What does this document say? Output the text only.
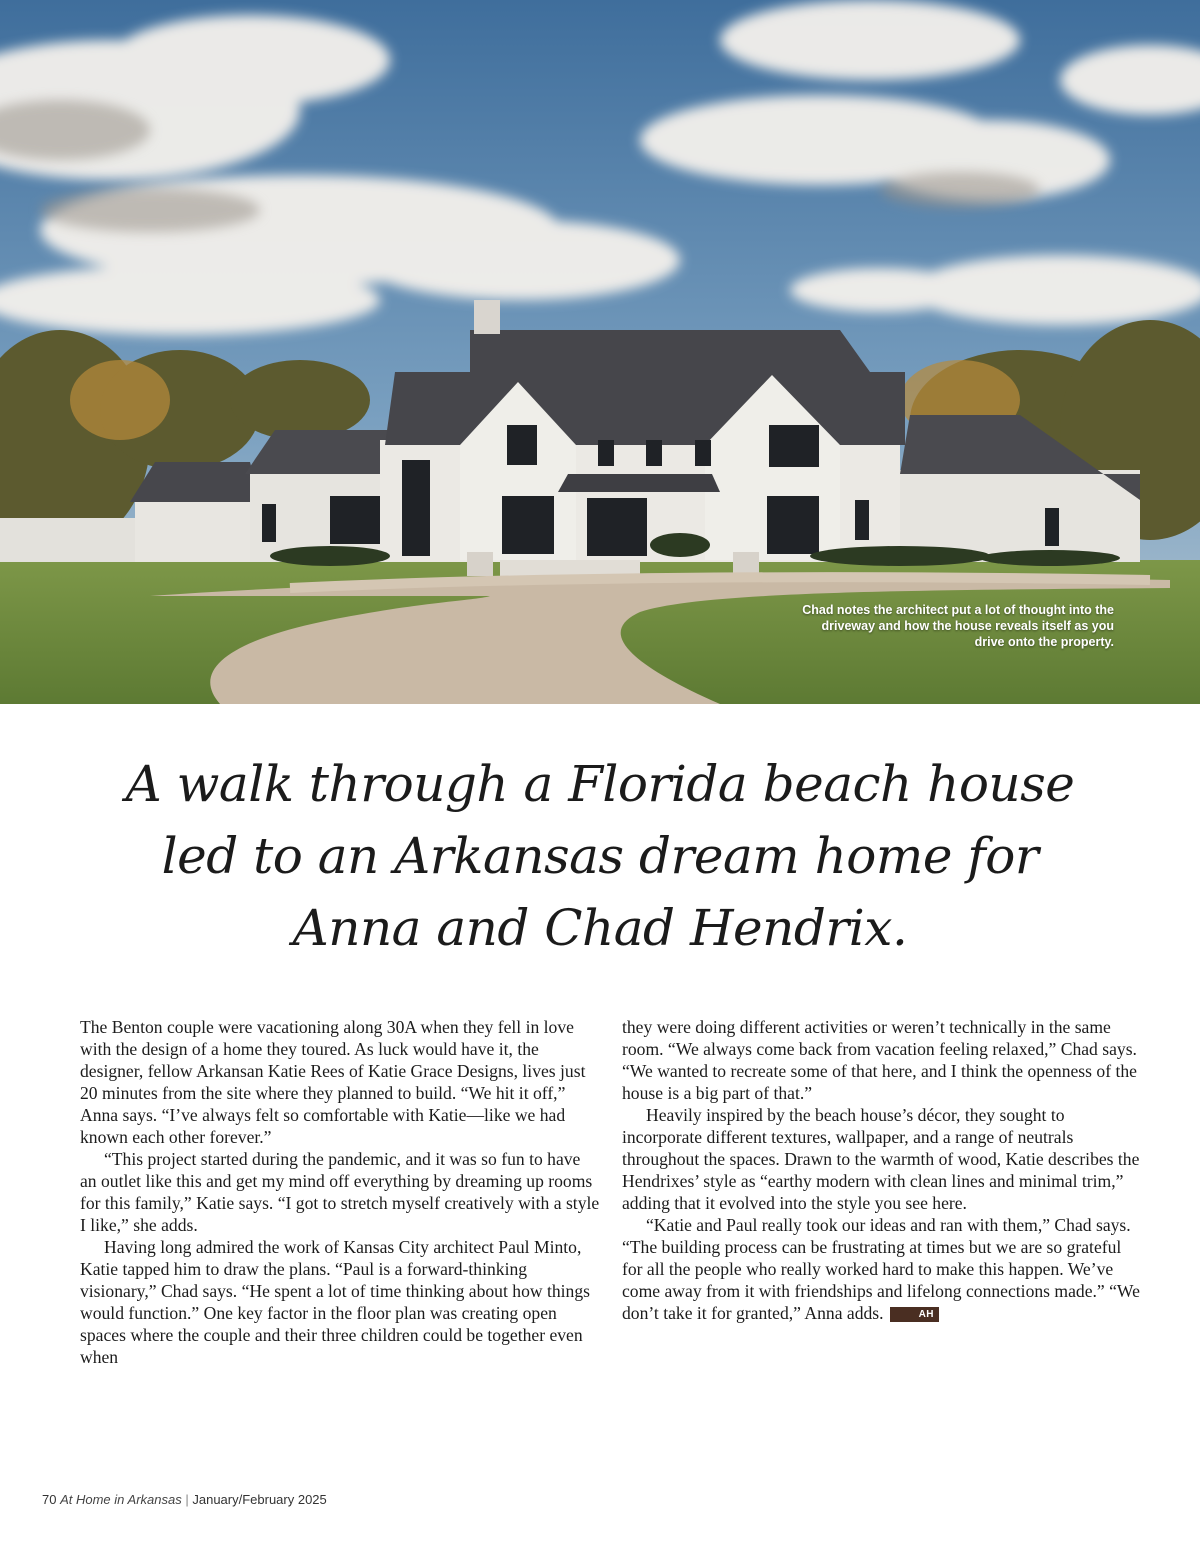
Chad notes the architect put a lot of thought into the driveway and how the house reveals itself as you drive onto the property.
A walk through a Florida beach house led to an Arkansas dream home for Anna and Chad Hendrix.

The Benton couple were vacationing along 30A when they fell in love with the design of a home they toured. As luck would have it, the designer, fellow Arkansan Katie Rees of Katie Grace Designs, lives just 20 minutes from the site where they planned to build. “We hit it off,” Anna says. “I’ve always felt so comfortable with Katie—like we had known each other forever.”

“This project started during the pandemic, and it was so fun to have an outlet like this and get my mind off everything by dreaming up rooms for this family,” Katie says. “I got to stretch myself creatively with a style I like,” she adds.

Having long admired the work of Kansas City architect Paul Minto, Katie tapped him to draw the plans. “Paul is a forward-thinking visionary,” Chad says. “He spent a lot of time thinking about how things would function.” One key factor in the floor plan was creating open spaces where the couple and their three children could be together even when

they were doing different activities or weren’t technically in the same room. “We always come back from vacation feeling relaxed,” Chad says. “We wanted to recreate some of that here, and I think the openness of the house is a big part of that.”

Heavily inspired by the beach house’s décor, they sought to incorporate different textures, wallpaper, and a range of neutrals throughout the spaces. Drawn to the warmth of wood, Katie describes the Hendrixes’ style as “earthy modern with clean lines and minimal trim,” adding that it evolved into the style you see here.

“Katie and Paul really took our ideas and ran with them,” Chad says. “The building process can be frustrating at times but we are so grateful for all the people who really worked hard to make this happen. We’ve come away from it with friendships and lifelong connections made.” “We don’t take it for granted,” Anna adds.	AH

70 At Home in Arkansas | January/February 2025
